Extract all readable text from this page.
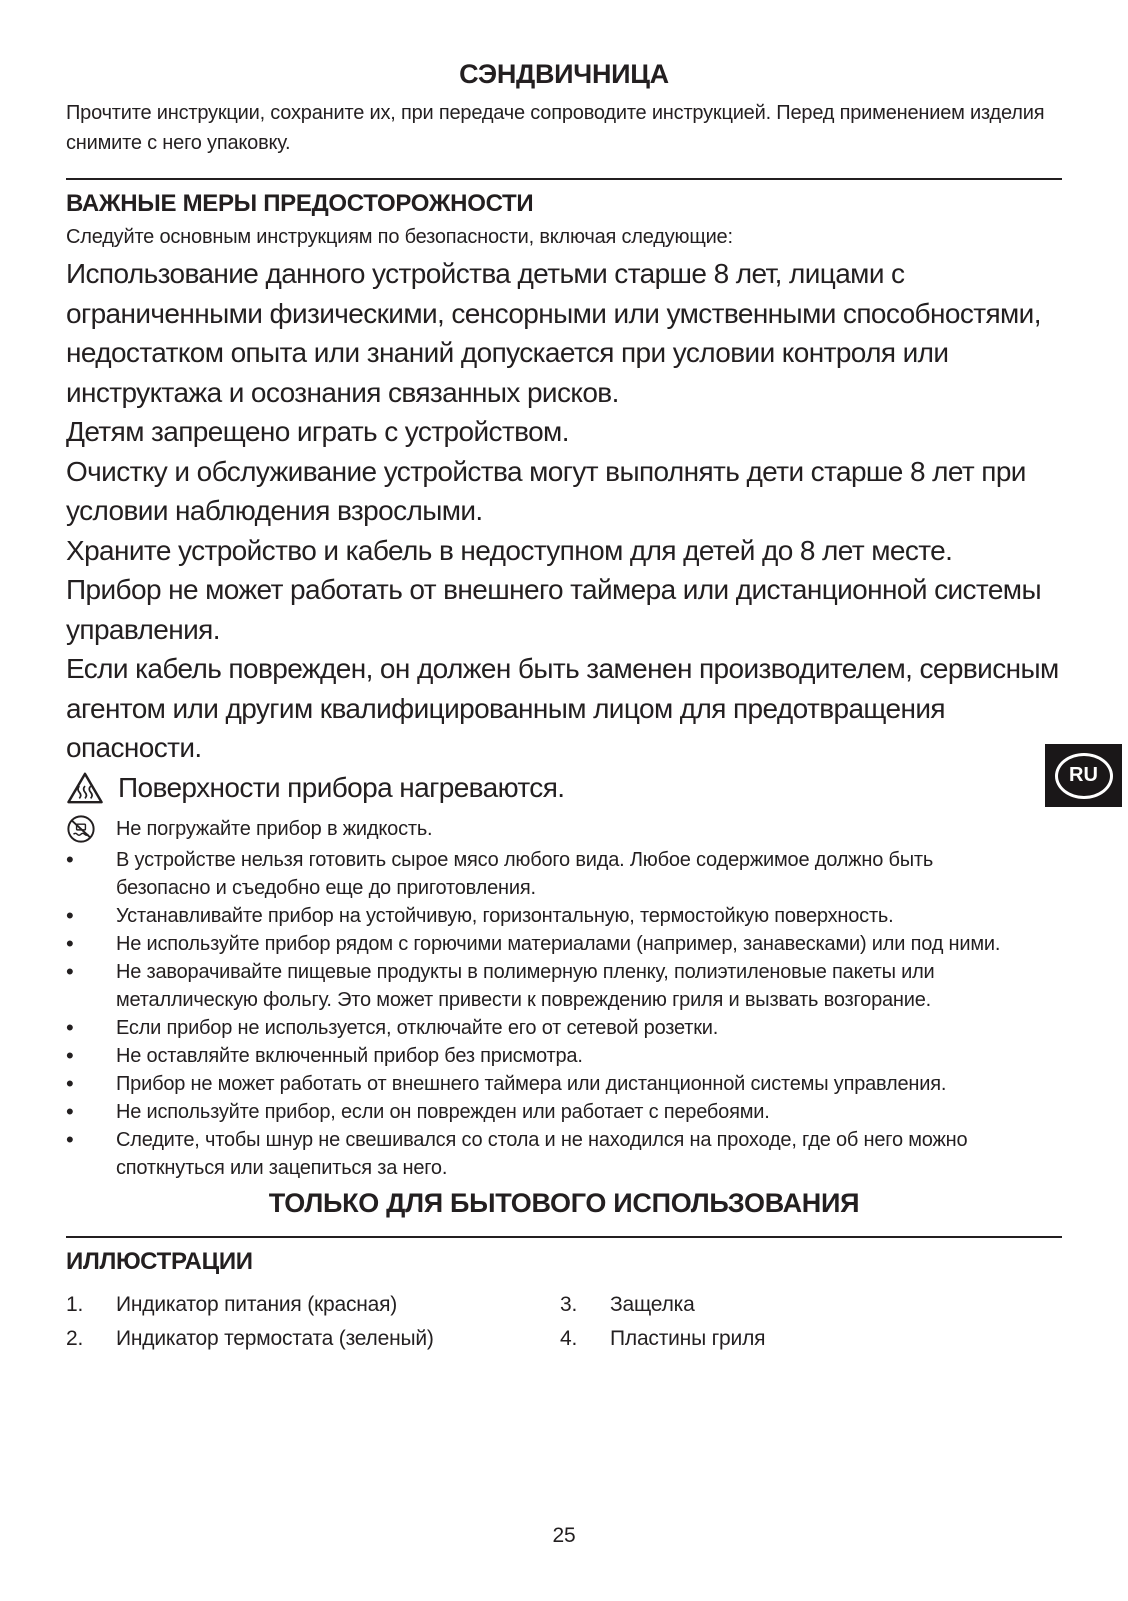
СЭНДВИЧНИЦА

Прочтите инструкции, сохраните их, при передаче сопроводите инструкцией. Перед применением изделия снимите с него упаковку.

ВАЖНЫЕ МЕРЫ ПРЕДОСТОРОЖНОСТИ

Следуйте основным инструкциям по безопасности, включая следующие:

Использование данного устройства детьми старше 8 лет, лицами с ограниченными физическими, сенсорными или умственными способностями, недостатком опыта или знаний допускается при условии контроля или инструктажа и осознания связанных рисков.

Детям запрещено играть с устройством.

Очистку и обслуживание устройства могут выполнять дети старше 8 лет при условии наблюдения взрослыми.

Храните устройство и кабель в недоступном для детей до 8 лет месте.

Прибор не может работать от внешнего таймера или дистанционной системы управления.

Если кабель поврежден, он должен быть заменен производителем, сервисным агентом или другим квалифицированным лицом для предотвращения опасности.

Поверхности прибора нагреваются.
Не погружайте прибор в жидкость.
•	В устройстве нельзя готовить сырое мясо любого вида. Любое содержимое должно быть безопасно и съедобно еще до приготовления.
•	Устанавливайте прибор на устойчивую, горизонтальную, термостойкую поверхность.
•	Не используйте прибор рядом с горючими материалами (например, занавесками) или под ними.
•	Не заворачивайте пищевые продукты в полимерную пленку, полиэтиленовые пакеты или металлическую фольгу. Это может привести к повреждению гриля и вызвать возгорание.
•	Если прибор не используется, отключайте его от сетевой розетки.
•	Не оставляйте включенный прибор без присмотра.
•	Прибор не может работать от внешнего таймера или дистанционной системы управления.
•	Не используйте прибор, если он поврежден или работает с перебоями.
•	Следите, чтобы шнур не свешивался со стола и не находился на проходе, где об него можно споткнуться или зацепиться за него.
ТОЛЬКО ДЛЯ БЫТОВОГО ИСПОЛЬЗОВАНИЯ
ИЛЛЮСТРАЦИИ
1.	Индикатор питания (красная)
2.	Индикатор термостата (зеленый)
3.	Защелка
4.	Пластины гриля
RU
25
